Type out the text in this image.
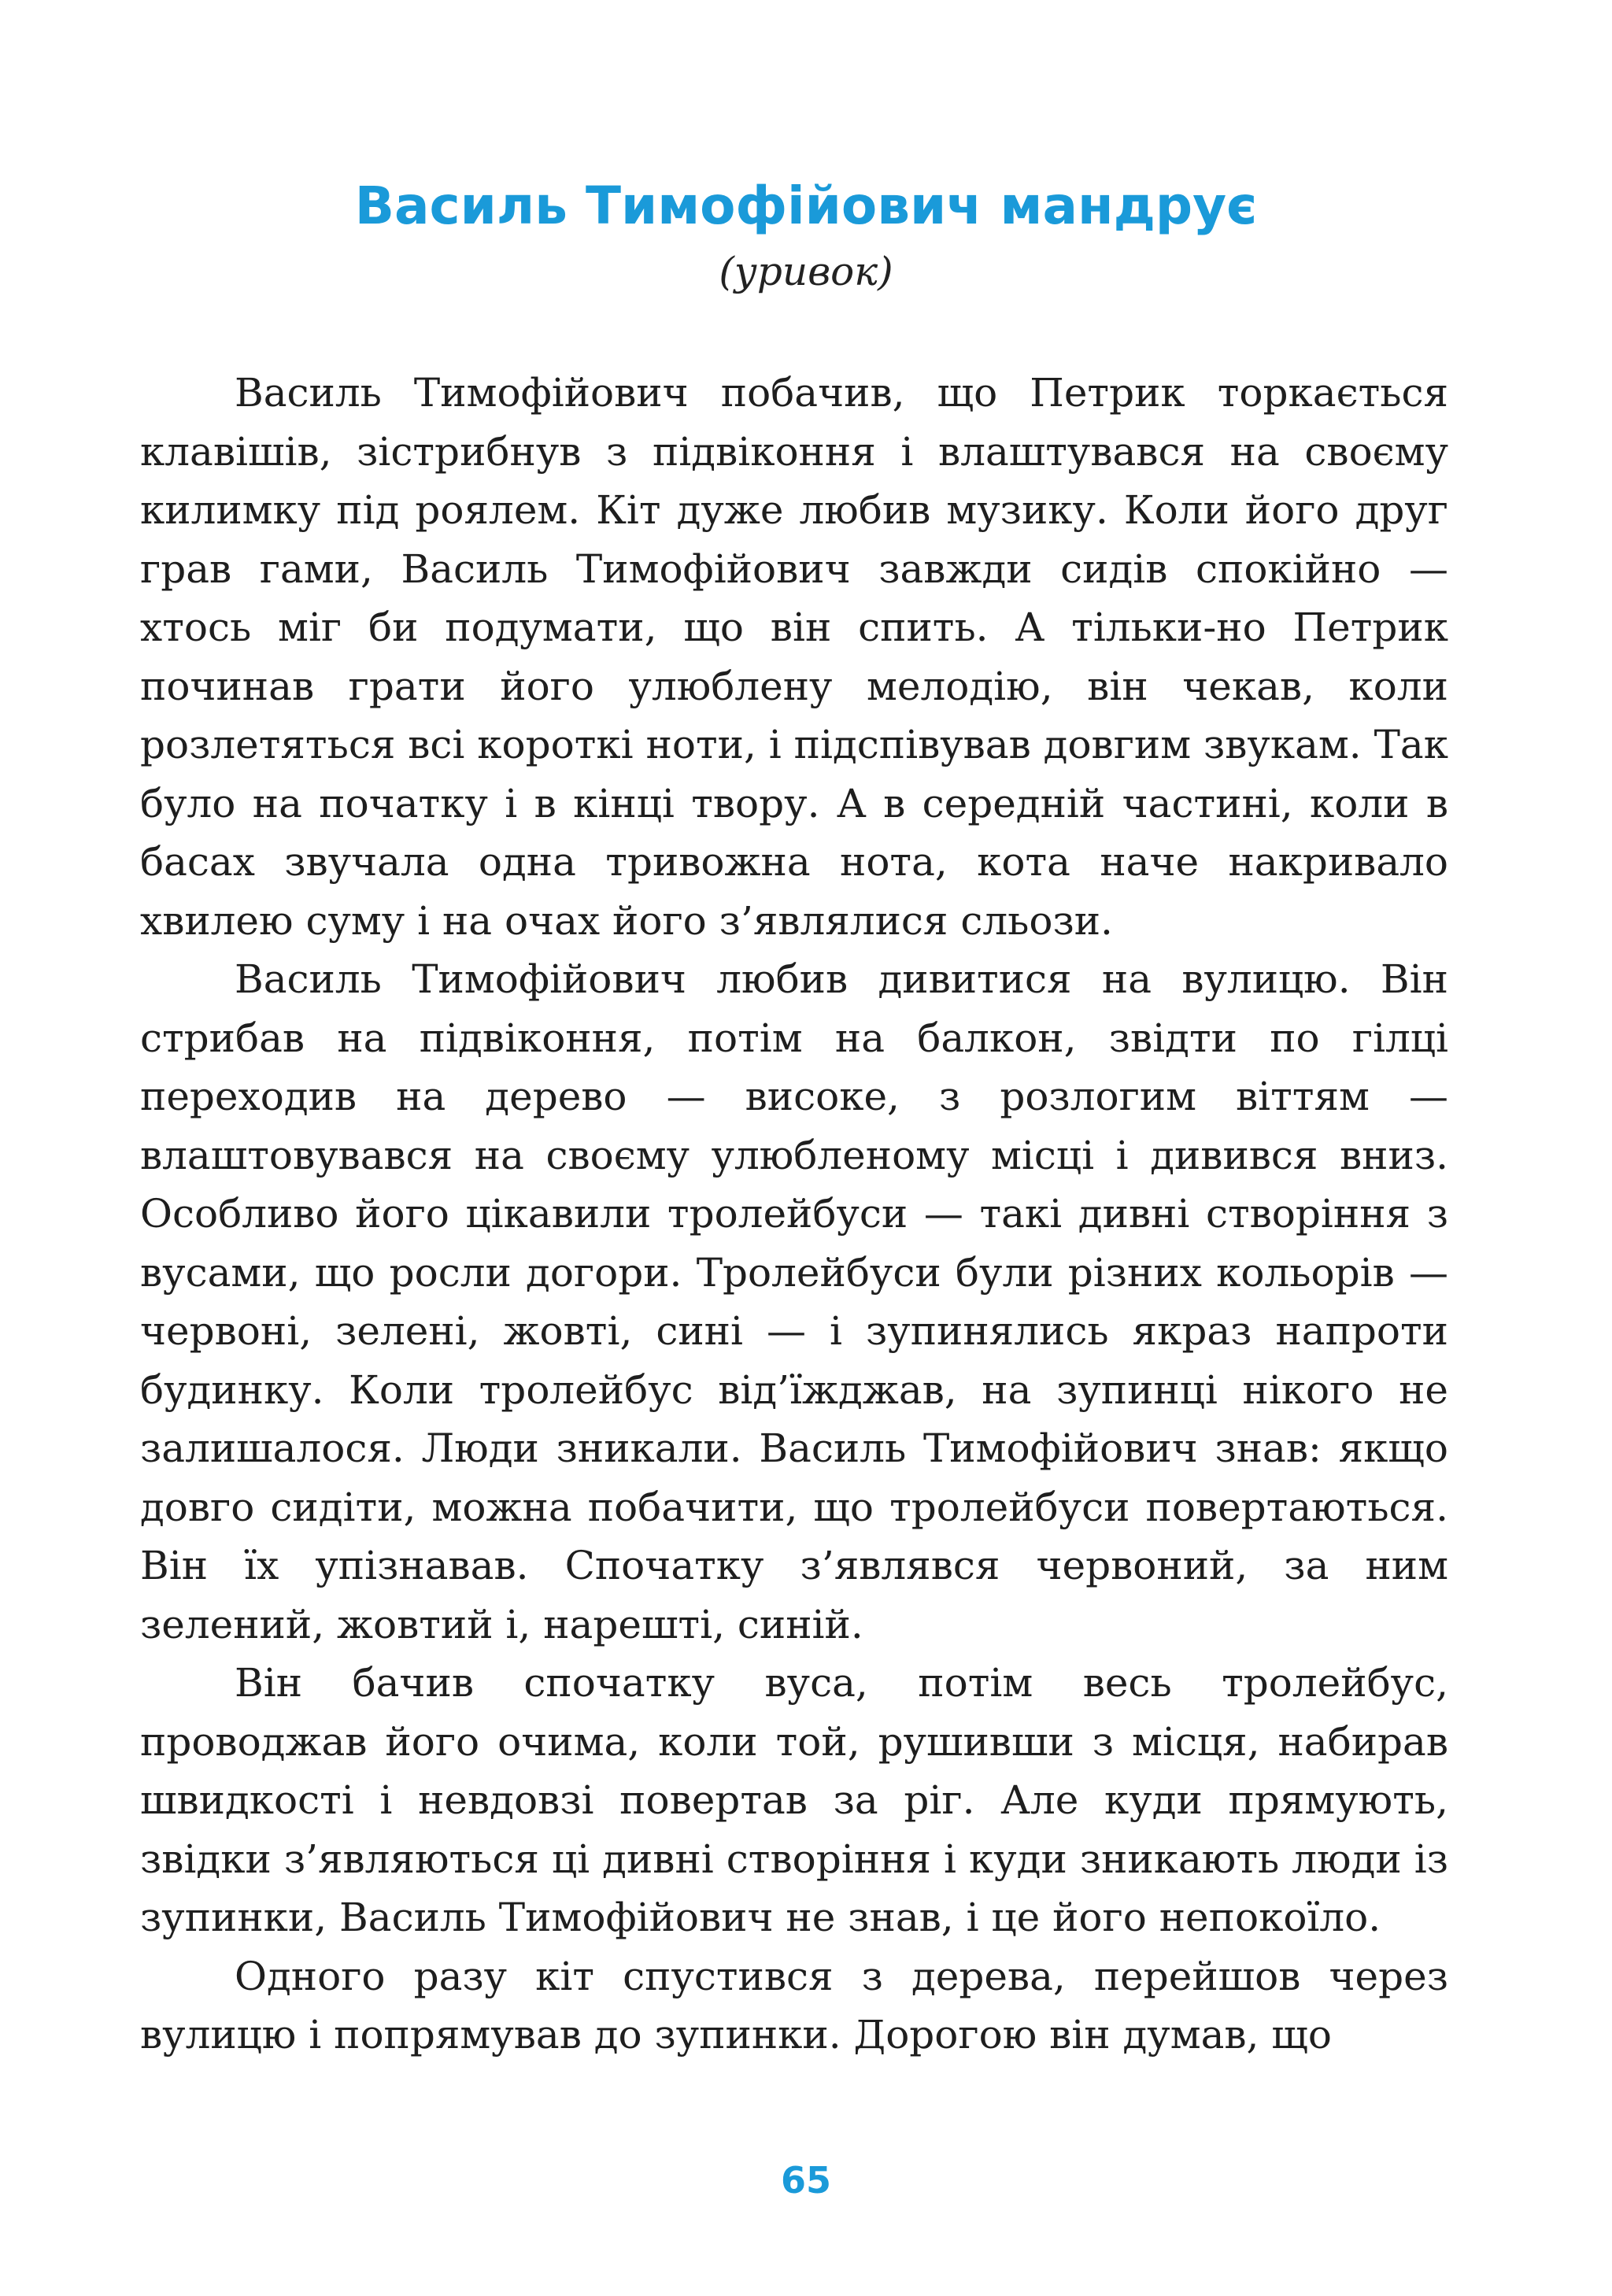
Василь Тимофійович мандрує
(уривок)

Василь Тимофійович побачив, що Петрик торкається клавішів, зістрибнув з підвіконня і влаштувався на своєму килимку під роялем. Кіт дуже любив музику. Коли його друг грав гами, Василь Тимофійович завжди сидів спокійно — хтось міг би подумати, що він спить. А тільки-но Петрик починав грати його улюблену мелодію, він чекав, коли розлетяться всі короткі ноти, і підспівував довгим звукам. Так було на початку і в кінці твору. А в середній частині, коли в басах звучала одна тривожна нота, кота наче накривало хвилею суму і на очах його з’являлися сльози.

Василь Тимофійович любив дивитися на вулицю. Він стрибав на підвіконня, потім на балкон, звідти по гілці переходив на дерево — високе, з розлогим віттям — влаштовувався на своєму улюбленому місці і дивився вниз. Особливо його цікавили тролейбуси — такі дивні створіння з вусами, що росли догори. Тролейбуси були різних кольорів — червоні, зелені, жовті, сині — і зупинялись якраз напроти будинку. Коли тролейбус від’їжджав, на зупинці нікого не залишалося. Люди зникали. Василь Тимофійович знав: якщо довго сидіти, можна побачити, що тролейбуси повертаються. Він їх упізнавав. Спочатку з’являвся червоний, за ним зелений, жовтий і, нарешті, синій.

Він бачив спочатку вуса, потім весь тролейбус, проводжав його очима, коли той, рушивши з місця, набирав швидкості і невдовзі повертав за ріг. Але куди прямують, звідки з’являються ці дивні створіння і куди зникають люди із зупинки, Василь Тимофійович не знав, і це його непокоїло.

Одного разу кіт спустився з дерева, перейшов через вулицю і попрямував до зупинки. Дорогою він думав, що

65
